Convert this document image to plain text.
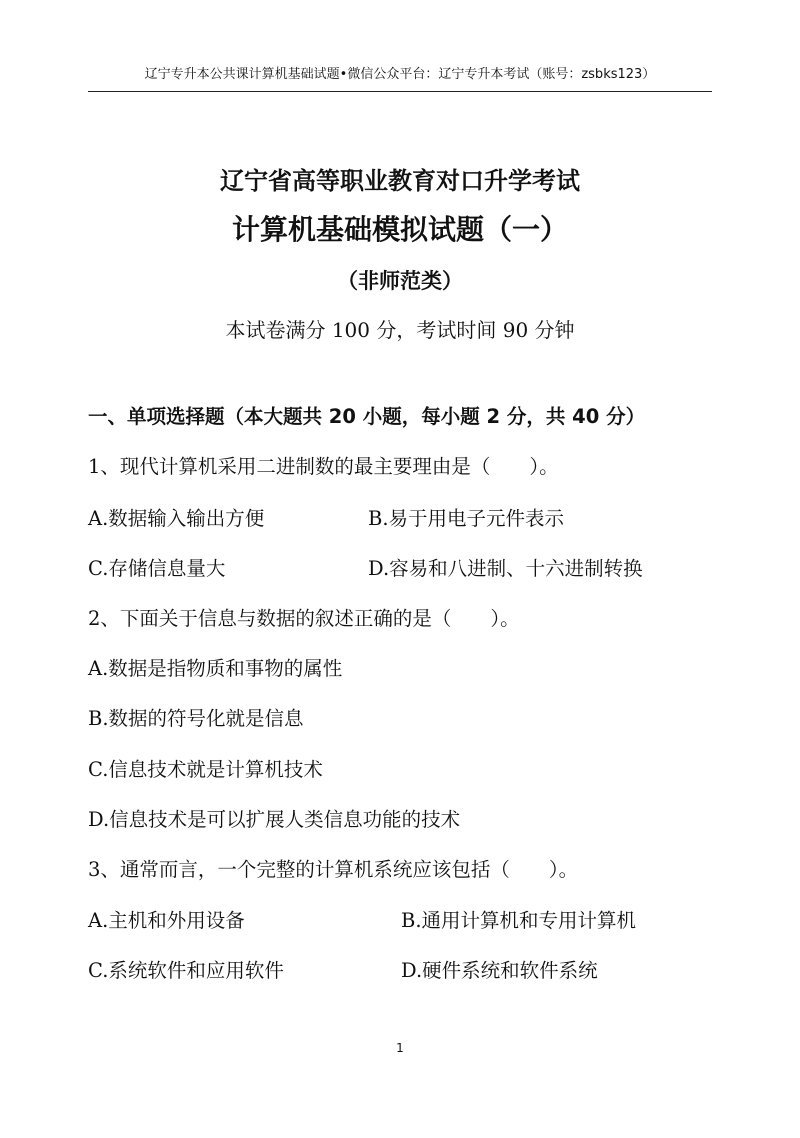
辽宁专升本公共课计算机基础试题•微信公众平台：辽宁专升本考试（账号：zsbks123）
辽宁省高等职业教育对口升学考试
计算机基础模拟试题（一）
（非师范类）
本试卷满分 100 分，考试时间 90 分钟
一、单项选择题（本大题共 20 小题，每小题 2 分，共 40 分）
1、现代计算机采用二进制数的最主要理由是（　　）。
A.数据输入输出方便	B.易于用电子元件表示
C.存储信息量大	D.容易和八进制、十六进制转换
2、下面关于信息与数据的叙述正确的是（　　）。
A.数据是指物质和事物的属性
B.数据的符号化就是信息
C.信息技术就是计算机技术
D.信息技术是可以扩展人类信息功能的技术
3、通常而言，一个完整的计算机系统应该包括（　　）。
A.主机和外用设备	B.通用计算机和专用计算机
C.系统软件和应用软件	D.硬件系统和软件系统
1
